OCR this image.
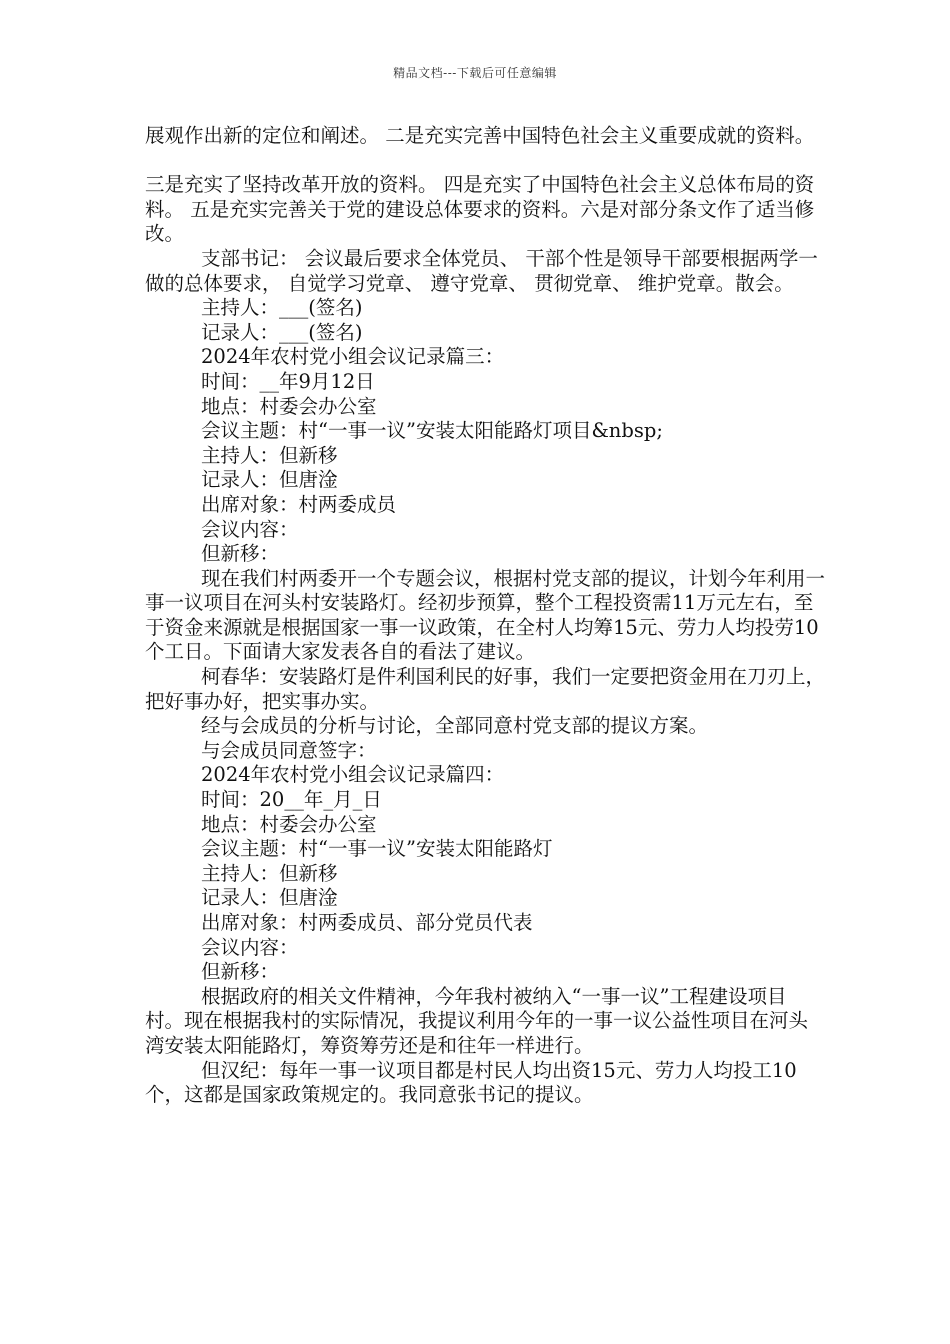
精品文档---下载后可任意编辑

展观作出新的定位和阐述。 二是充实完善中国特色社会主义重要成就的资料。

三是充实了坚持改革开放的资料。 四是充实了中国特色社会主义总体布局的资料。 五是充实完善关于党的建设总体要求的资料。六是对部分条文作了适当修改。

支部书记： 会议最后要求全体党员、 干部个性是领导干部要根据两学一做的总体要求， 自觉学习党章、 遵守党章、 贯彻党章、 维护党章。散会。

主持人：___(签名)

记录人：___(签名)

2024年农村党小组会议记录篇三：

时间：__年9月12日

地点：村委会办公室

会议主题：村“一事一议”安装太阳能路灯项目&nbsp;

主持人：但新移

记录人：但唐淦

出席对象：村两委成员

会议内容：

但新移：

现在我们村两委开一个专题会议，根据村党支部的提议，计划今年利用一事一议项目在河头村安装路灯。经初步预算，整个工程投资需11万元左右，至于资金来源就是根据国家一事一议政策，在全村人均筹15元、劳力人均投劳10个工日。下面请大家发表各自的看法了建议。

柯春华：安装路灯是件利国利民的好事，我们一定要把资金用在刀刃上，把好事办好，把实事办实。

经与会成员的分析与讨论，全部同意村党支部的提议方案。

与会成员同意签字：

2024年农村党小组会议记录篇四：

时间：20__年_月_日

地点：村委会办公室

会议主题：村“一事一议”安装太阳能路灯

主持人：但新移

记录人：但唐淦

出席对象：村两委成员、部分党员代表

会议内容：

但新移：

根据政府的相关文件精神，今年我村被纳入“一事一议”工程建设项目村。现在根据我村的实际情况，我提议利用今年的一事一议公益性项目在河头湾安装太阳能路灯，筹资筹劳还是和往年一样进行。

但汉纪：每年一事一议项目都是村民人均出资15元、劳力人均投工10个，这都是国家政策规定的。我同意张书记的提议。
